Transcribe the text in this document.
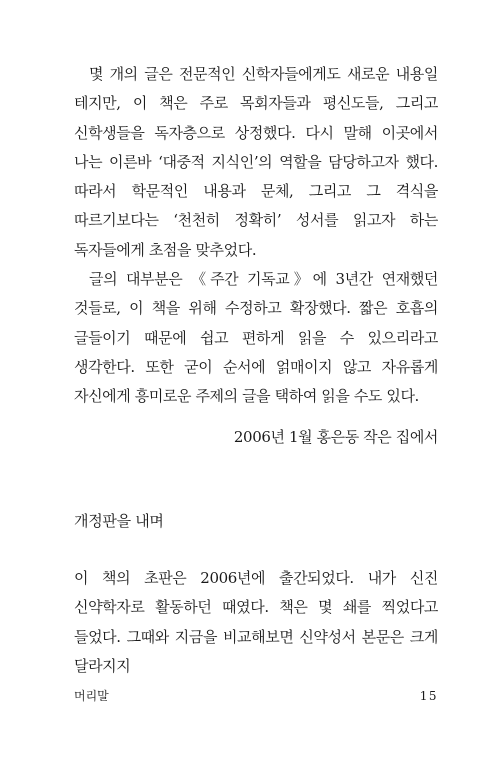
몇 개의 글은 전문적인 신학자들에게도 새로운 내용일 테지만, 이 책은 주로 목회자들과 평신도들, 그리고 신학생들을 독자층으로 상정했다. 다시 말해 이곳에서 나는 이른바 ‘대중적 지식인’의 역할을 담당하고자 했다. 따라서 학문적인 내용과 문체, 그리고 그 격식을 따르기보다는 ‘천천히 정확히’ 성서를 읽고자 하는 독자들에게 초점을 맞추었다.

글의 대부분은 《주간 기독교》에 3년간 연재했던 것들로, 이 책을 위해 수정하고 확장했다. 짧은 호흡의 글들이기 때문에 쉽고 편하게 읽을 수 있으리라고 생각한다. 또한 굳이 순서에 얽매이지 않고 자유롭게 자신에게 흥미로운 주제의 글을 택하여 읽을 수도 있다.

2006년 1월 홍은동 작은 집에서
개정판을 내며

이 책의 초판은 2006년에 출간되었다. 내가 신진 신약학자로 활동하던 때였다. 책은 몇 쇄를 찍었다고 들었다. 그때와 지금을 비교해보면 신약성서 본문은 크게 달라지지

머리말	15
